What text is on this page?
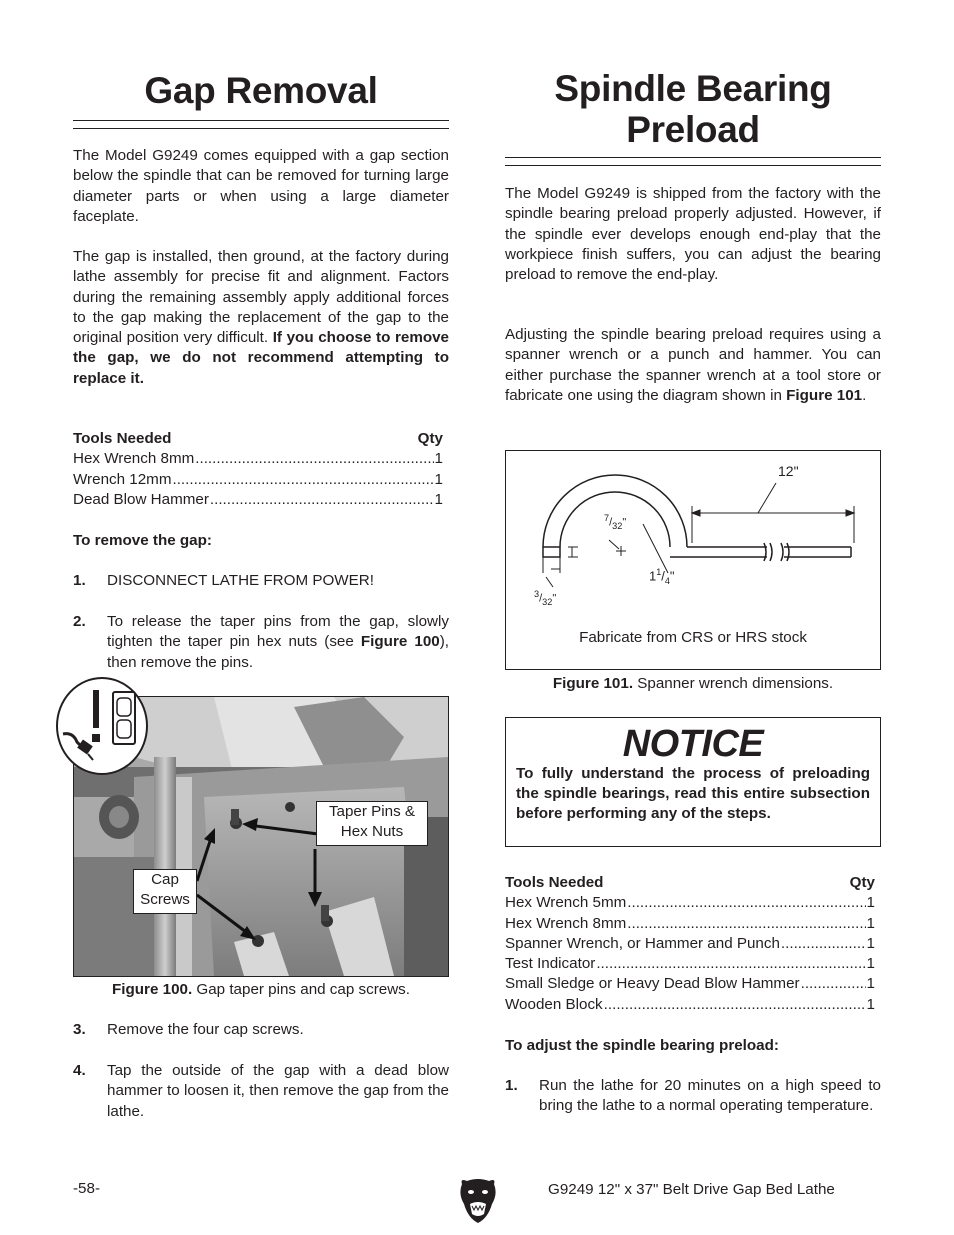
Gap Removal

The Model G9249 comes equipped with a gap section below the spindle that can be removed for turning large diameter parts or when using a large diameter faceplate.

The gap is installed, then ground, at the factory during lathe assembly for precise fit and alignment. Factors during the remaining assembly apply additional forces to the gap making the replacement of the gap to the original position very difficult. If you choose to remove the gap, we do not recommend attempting to replace it.

Tools Needed	Qty
Hex Wrench 8mm .....	1
Wrench 12mm .....	1
Dead Blow Hammer .....	1
To remove the gap:
1.	DISCONNECT LATHE FROM POWER!
2.	To release the taper pins from the gap, slowly tighten the taper pin hex nuts (see Figure 100), then remove the pins.
Taper Pins & Hex Nuts
Cap Screws
Figure 100. Gap taper pins and cap screws.
3.	Remove the four cap screws.
4.	Tap the outside of the gap with a dead blow hammer to loosen it, then remove the gap from the lathe.
Spindle Bearing
Preload

The Model G9249 is shipped from the factory with the spindle bearing preload properly adjusted. However, if the spindle ever develops enough end-play that the workpiece finish suffers, you can adjust the bearing preload to remove the end-play.

Adjusting the spindle bearing preload requires using a spanner wrench or a punch and hammer. You can either purchase the spanner wrench at a tool store or fabricate one using the diagram shown in Figure 101.

12"
$^7/_{32}$"
$^3/_{32}$"
$1^1/_4$"
Fabricate from CRS or HRS stock
Figure 101. Spanner wrench dimensions.
NOTICE

To fully understand the process of preloading the spindle bearings, read this entire subsection before performing any of the steps.

Tools Needed	Qty
Hex Wrench 5mm .....	1
Hex Wrench 8mm .....	1
Spanner Wrench, or Hammer and Punch .....	1
Test Indicator .....	1
Small Sledge or Heavy Dead Blow Hammer .....	1
Wooden Block .....	1
To adjust the spindle bearing preload:
1.	Run the lathe for 20 minutes on a high speed to bring the lathe to a normal operating temperature.
-58-	G9249 12" x 37" Belt Drive Gap Bed Lathe
